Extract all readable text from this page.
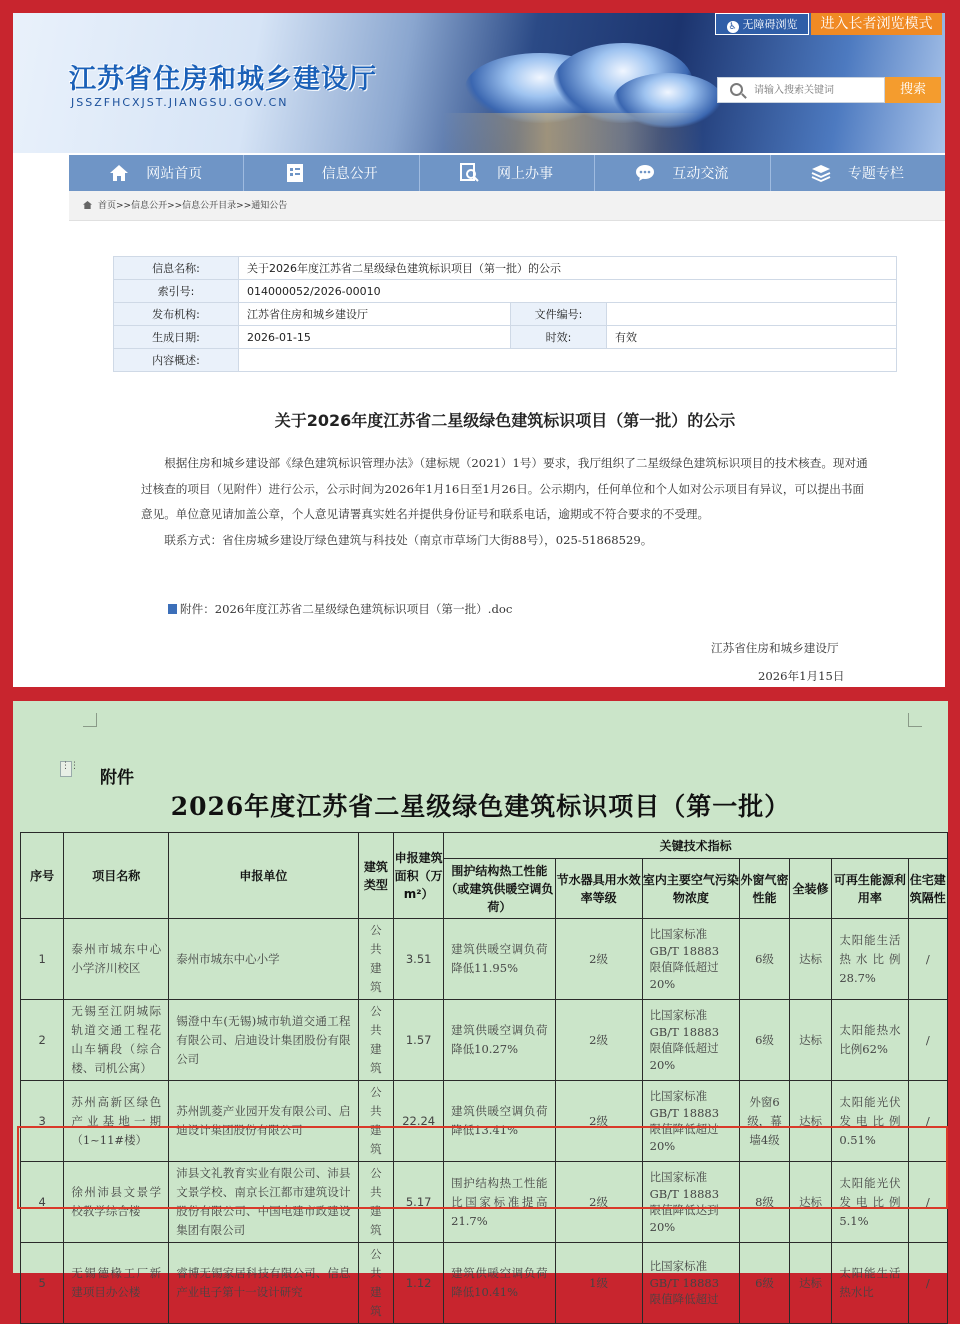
江苏省住房和城乡建设厅
JSSZFHCXJST.JIANGSU.GOV.CN
♿ 无障碍浏览	进入长者浏览模式
请输入搜索关键词
搜索
网站首页	信息公开	网上办事	互动交流	专题专栏
首页>>信息公开>>信息公开目录>>通知公告
信息名称:	关于2026年度江苏省二星级绿色建筑标识项目（第一批）的公示		
索引号:	014000052/2026-00010		
发布机构:	江苏省住房和城乡建设厅	文件编号:	
生成日期:	2026-01-15	时效:	有效
内容概述:			
关于2026年度江苏省二星级绿色建筑标识项目（第一批）的公示

根据住房和城乡建设部《绿色建筑标识管理办法》（建标规（2021）1号）要求，我厅组织了二星级绿色建筑标识项目的技术核查。现对通过核查的项目（见附件）进行公示，公示时间为2026年1月16日至1月26日。公示期内，任何单位和个人如对公示项目有异议，可以提出书面意见。单位意见请加盖公章，个人意见请署真实姓名并提供身份证号和联系电话，逾期或不符合要求的不受理。

联系方式：省住房城乡建设厅绿色建筑与科技处（南京市草场门大街88号），025-51868529。

附件：2026年度江苏省二星级绿色建筑标识项目（第一批）.doc
江苏省住房和城乡建设厅
2026年1月15日
⋮⋮
附件
2026年度江苏省二星级绿色建筑标识项目（第一批）
序号	项目名称	申报单位	建筑类型	申报建筑面积（万m²）	关键技术指标						
					围护结构热工性能（或建筑供暖空调负荷）	节水器具用水效率等级	室内主要空气污染物浓度	外窗气密性能	全装修	可再生能源利用率	住宅建筑隔性
1	泰州市城东中心小学济川校区	泰州市城东中心小学	公共建筑	3.51	建筑供暖空调负荷降低11.95%	2级	比国家标准
GB/T 18883
限值降低超过
20%	6级	达标	太阳能生活热水比例28.7%	/
2	无锡至江阴城际轨道交通工程花山车辆段（综合楼、司机公寓）	锡澄中车(无锡)城市轨道交通工程有限公司、启迪设计集团股份有限公司	公共建筑	1.57	建筑供暖空调负荷降低10.27%	2级	比国家标准
GB/T 18883
限值降低超过
20%	6级	达标	太阳能热水比例62%	/
3	苏州高新区绿色产业基地一期（1~11#楼）	苏州凯菱产业园开发有限公司、启迪设计集团股份有限公司	公共建筑	22.24	建筑供暖空调负荷降低13.41%	2级	比国家标准
GB/T 18883
限值降低超过
20%	外窗6级，幕墙4级	达标	太阳能光伏发电比例0.51%	/
4	徐州沛县文景学校教学综合楼	沛县文礼教育实业有限公司、沛县文景学校、南京长江都市建筑设计股份有限公司、中国电建市政建设集团有限公司	公共建筑	5.17	围护结构热工性能比国家标准提高21.7%	2级	比国家标准
GB/T 18883
限值降低达到
20%	8级	达标	太阳能光伏发电比例5.1%	/
5	无锡德椽工厂新建项目办公楼	睿博无锡家居科技有限公司、信息产业电子第十一设计研究	公共建筑	1.12	建筑供暖空调负荷降低10.41%	1级	比国家标准
GB/T 18883
限值降低超过	6级	达标	太阳能生活热水比	/
